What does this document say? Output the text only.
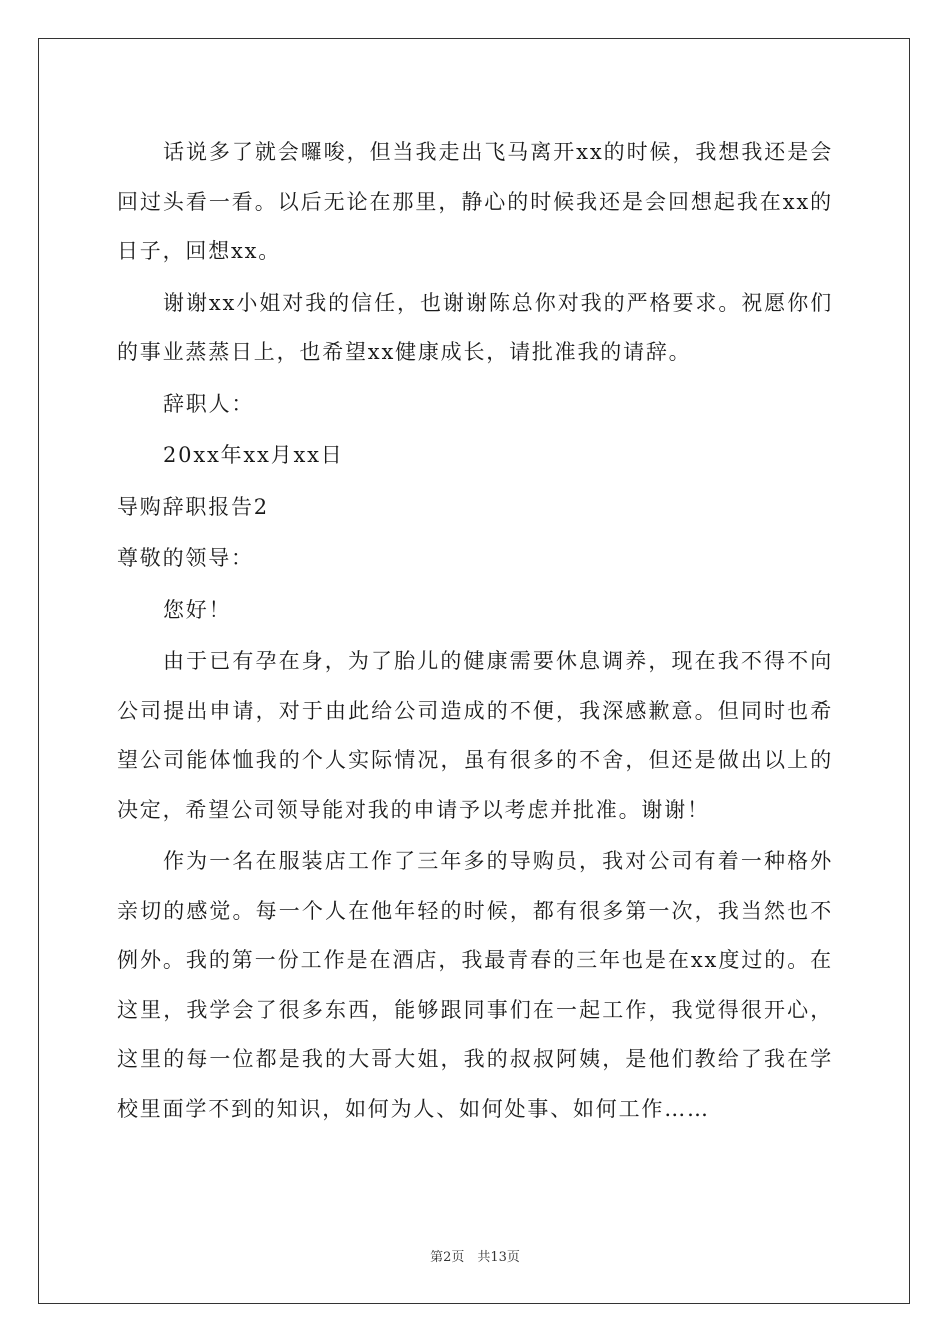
话说多了就会囉唆，但当我走出飞马离开xx的时候，我想我还是会回过头看一看。以后无论在那里，静心的时候我还是会回想起我在xx的日子，回想xx。

谢谢xx小姐对我的信任，也谢谢陈总你对我的严格要求。祝愿你们的事业蒸蒸日上，也希望xx健康成长，请批准我的请辞。

辞职人：

20xx年xx月xx日

导购辞职报告2

尊敬的领导：

您好！

由于已有孕在身，为了胎儿的健康需要休息调养，现在我不得不向公司提出申请，对于由此给公司造成的不便，我深感歉意。但同时也希望公司能体恤我的个人实际情况，虽有很多的不舍，但还是做出以上的决定，希望公司领导能对我的申请予以考虑并批准。谢谢！

作为一名在服装店工作了三年多的导购员，我对公司有着一种格外亲切的感觉。每一个人在他年轻的时候，都有很多第一次，我当然也不例外。我的第一份工作是在酒店，我最青春的三年也是在xx度过的。在这里，我学会了很多东西，能够跟同事们在一起工作，我觉得很开心，这里的每一位都是我的大哥大姐，我的叔叔阿姨，是他们教给了我在学校里面学不到的知识，如何为人、如何处事、如何工作……

第2页　共13页
